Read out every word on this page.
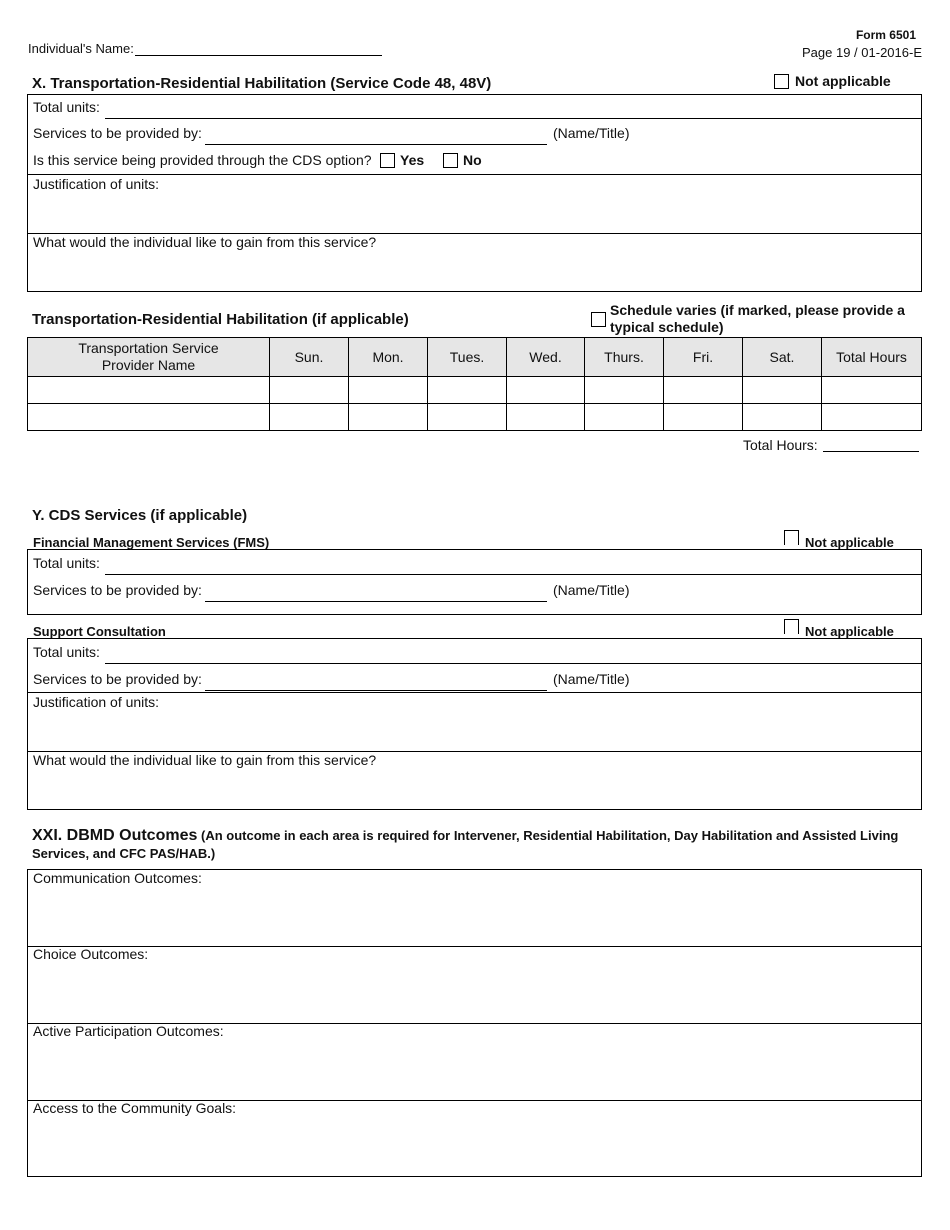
Individual's Name:
Form 6501
Page 19 / 01-2016-E
X. Transportation-Residential Habilitation (Service Code 48, 48V)	Not applicable
Total units:
Services to be provided by:	(Name/Title)
Is this service being provided through the CDS option? Yes	No
Justification of units:
What would the individual like to gain from this service?
Transportation-Residential Habilitation (if applicable)
Schedule varies (if marked, please provide a typical schedule)
Transportation Service Provider Name	Sun.	Mon.	Tues.	Wed.	Thurs.	Fri.	Sat.	Total Hours

Total Hours:
Y. CDS Services (if applicable)
Financial Management Services (FMS)	Not applicable
Total units:
Services to be provided by:	(Name/Title)
Support Consultation	Not applicable
Total units:
Services to be provided by:	(Name/Title)
Justification of units:
What would the individual like to gain from this service?
XXI. DBMD Outcomes (An outcome in each area is required for Intervener, Residential Habilitation, Day Habilitation and Assisted Living Services, and CFC PAS/HAB.)
Communication Outcomes:
Choice Outcomes:
Active Participation Outcomes:
Access to the Community Goals:
